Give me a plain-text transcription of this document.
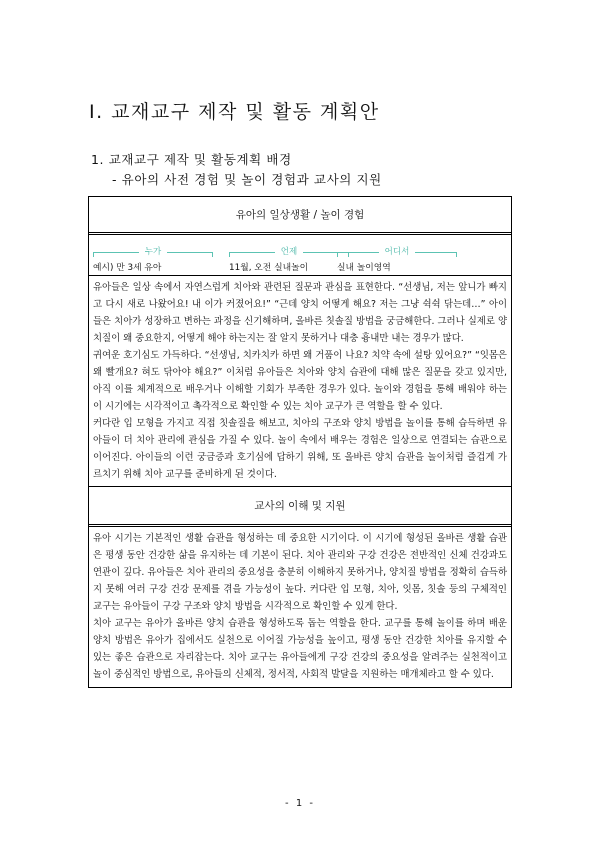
I. 교재교구 제작 및 활동 계획안
1. 교재교구 제작 및 활동계획 배경
- 유아의 사전 경험 및 놀이 경험과 교사의 지원
유아의 일상생활 / 놀이 경험
누가
예시) 만 3세 유아
언제
11월, 오전 실내놀이
어디서
실내 놀이영역

유아들은 일상 속에서 자연스럽게 치아와 관련된 질문과 관심을 표현한다. “선생님, 저는 앞니가 빠지고 다시 새로 나왔어요! 내 이가 커졌어요!” “근데 양치 어떻게 해요? 저는 그냥 쉭쉭 닦는데…” 아이들은 치아가 성장하고 변하는 과정을 신기해하며, 올바른 칫솔질 방법을 궁금해한다. 그러나 실제로 양치질이 왜 중요한지, 어떻게 해야 하는지는 잘 알지 못하거나 대충 흉내만 내는 경우가 많다.

귀여운 호기심도 가득하다. “선생님, 치카치카 하면 왜 거품이 나요? 치약 속에 설탕 있어요?” “잇몸은 왜 빨개요? 혀도 닦아야 해요?” 이처럼 유아들은 치아와 양치 습관에 대해 많은 질문을 갖고 있지만, 아직 이를 체계적으로 배우거나 이해할 기회가 부족한 경우가 있다. 놀이와 경험을 통해 배워야 하는 이 시기에는 시각적이고 촉각적으로 확인할 수 있는 치아 교구가 큰 역할을 할 수 있다.

커다란 입 모형을 가지고 직접 칫솔질을 해보고, 치아의 구조와 양치 방법을 놀이를 통해 습득하면 유아들이 더 치아 관리에 관심을 가질 수 있다. 놀이 속에서 배우는 경험은 일상으로 연결되는 습관으로 이어진다. 아이들의 이런 궁금증과 호기심에 답하기 위해, 또 올바른 양치 습관을 놀이처럼 즐겁게 가르치기 위해 치아 교구를 준비하게 된 것이다.

교사의 이해 및 지원

유아 시기는 기본적인 생활 습관을 형성하는 데 중요한 시기이다. 이 시기에 형성된 올바른 생활 습관은 평생 동안 건강한 삶을 유지하는 데 기본이 된다. 치아 관리와 구강 건강은 전반적인 신체 건강과도 연관이 깊다. 유아들은 치아 관리의 중요성을 충분히 이해하지 못하거나, 양치질 방법을 정확히 습득하지 못해 여러 구강 건강 문제를 겪을 가능성이 높다. 커다란 입 모형, 치아, 잇몸, 칫솔 등의 구체적인 교구는 유아들이 구강 구조와 양치 방법을 시각적으로 확인할 수 있게 한다.

치아 교구는 유아가 올바른 양치 습관을 형성하도록 돕는 역할을 한다. 교구를 통해 놀이를 하며 배운 양치 방법은 유아가 집에서도 실천으로 이어질 가능성을 높이고, 평생 동안 건강한 치아를 유지할 수 있는 좋은 습관으로 자리잡는다. 치아 교구는 유아들에게 구강 건강의 중요성을 알려주는 실천적이고 놀이 중심적인 방법으로, 유아들의 신체적, 정서적, 사회적 발달을 지원하는 매개체라고 할 수 있다.

- 1 -
